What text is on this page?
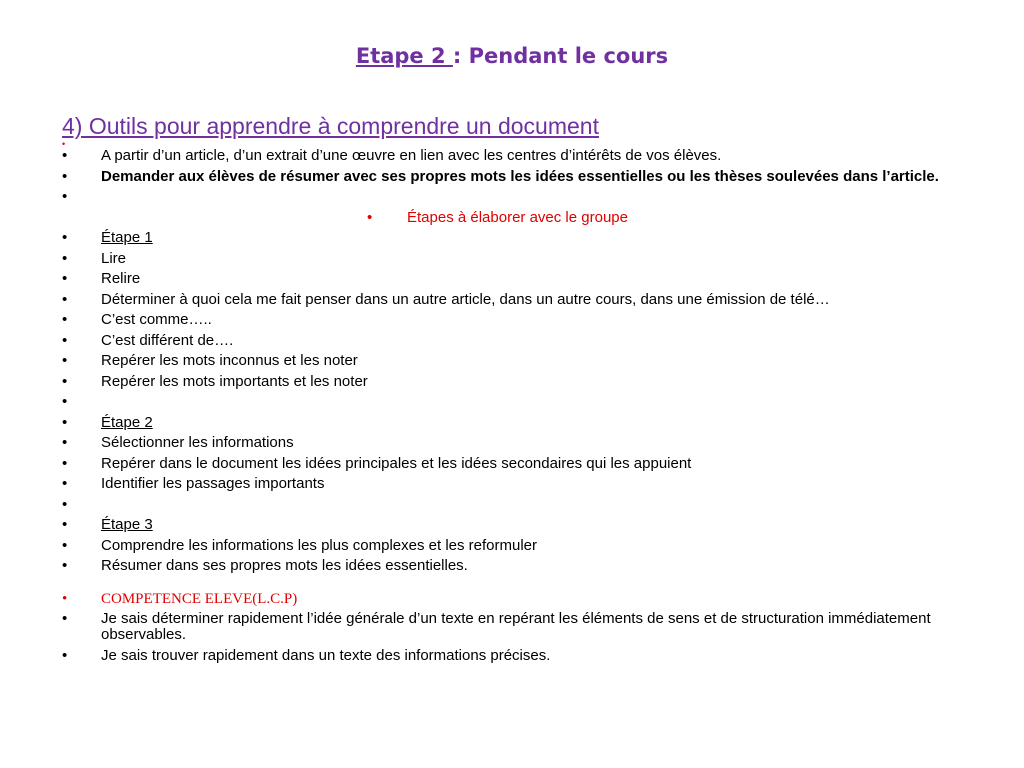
Etape 2 : Pendant le cours
4) Outils pour apprendre à comprendre un document
•
• A partir d’un article, d’un extrait d’une œuvre en lien avec les centres d’intérêts de vos élèves.
• Demander aux élèves de résumer avec ses propres mots les idées essentielles ou les thèses soulevées dans l’article.
•
• Étapes à élaborer avec le groupe
• Étape 1
• Lire
• Relire
• Déterminer à quoi cela me fait penser dans un autre article, dans un autre cours, dans une émission de télé…
• C’est comme…..
• C’est différent de….
• Repérer les mots inconnus et les noter
• Repérer les mots importants et les noter
•
• Étape 2
• Sélectionner les informations
• Repérer dans le document les idées principales et les idées secondaires qui les appuient
• Identifier les passages importants
•
• Étape 3
• Comprendre les informations les plus complexes et les reformuler
• Résumer dans ses propres mots les idées essentielles.
• COMPETENCE ELEVE(L.C.P)
• Je sais déterminer rapidement l’idée générale d’un texte en repérant les éléments de sens et de structuration immédiatement observables.
• Je sais trouver rapidement dans un texte des informations précises.
